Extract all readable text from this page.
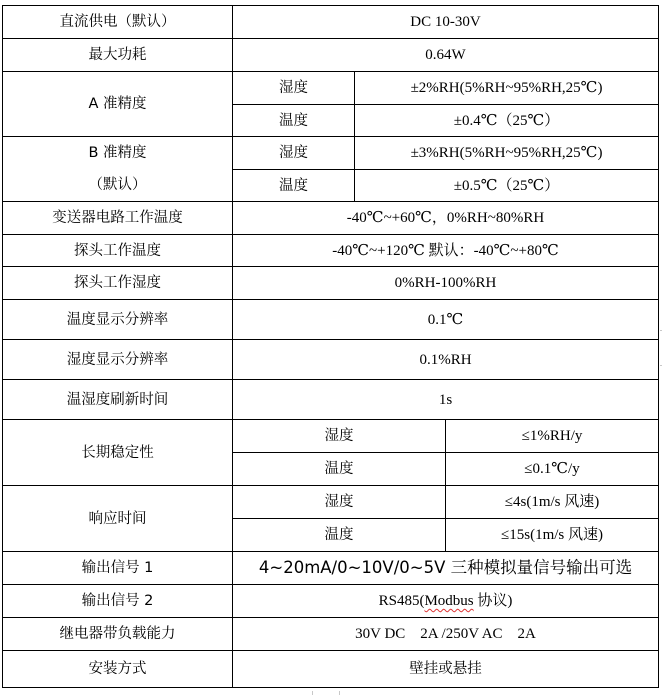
直流供电（默认）	DC 10-30V		
最大功耗	0.64W		
A 准精度	湿度	±2%RH(5%RH~95%RH,25℃)	
	温度	±0.4℃（25℃）	

B 准精度
（默认）	湿度	±3%RH(5%RH~95%RH,25℃)	
	温度	±0.5℃（25℃）	
变送器电路工作温度	-40℃~+60℃，0%RH~80%RH		
探头工作温度	-40℃~+120℃ 默认：-40℃~+80℃		
探头工作湿度	0%RH-100%RH		
温度显示分辨率	0.1℃		
湿度显示分辨率	0.1%RH		
温湿度刷新时间	1s		
长期稳定性	湿度		≤1%RH/y
	温度		≤0.1℃/y
响应时间	湿度		≤4s(1m/s 风速)
	温度		≤15s(1m/s 风速)
输出信号 1	4~20mA/0~10V/0~5V 三种模拟量信号输出可选		
输出信号 2	RS485(Modbus 协议)		
继电器带负载能力	30V DC    2A /250V AC    2A		
安装方式	壁挂或悬挂		
